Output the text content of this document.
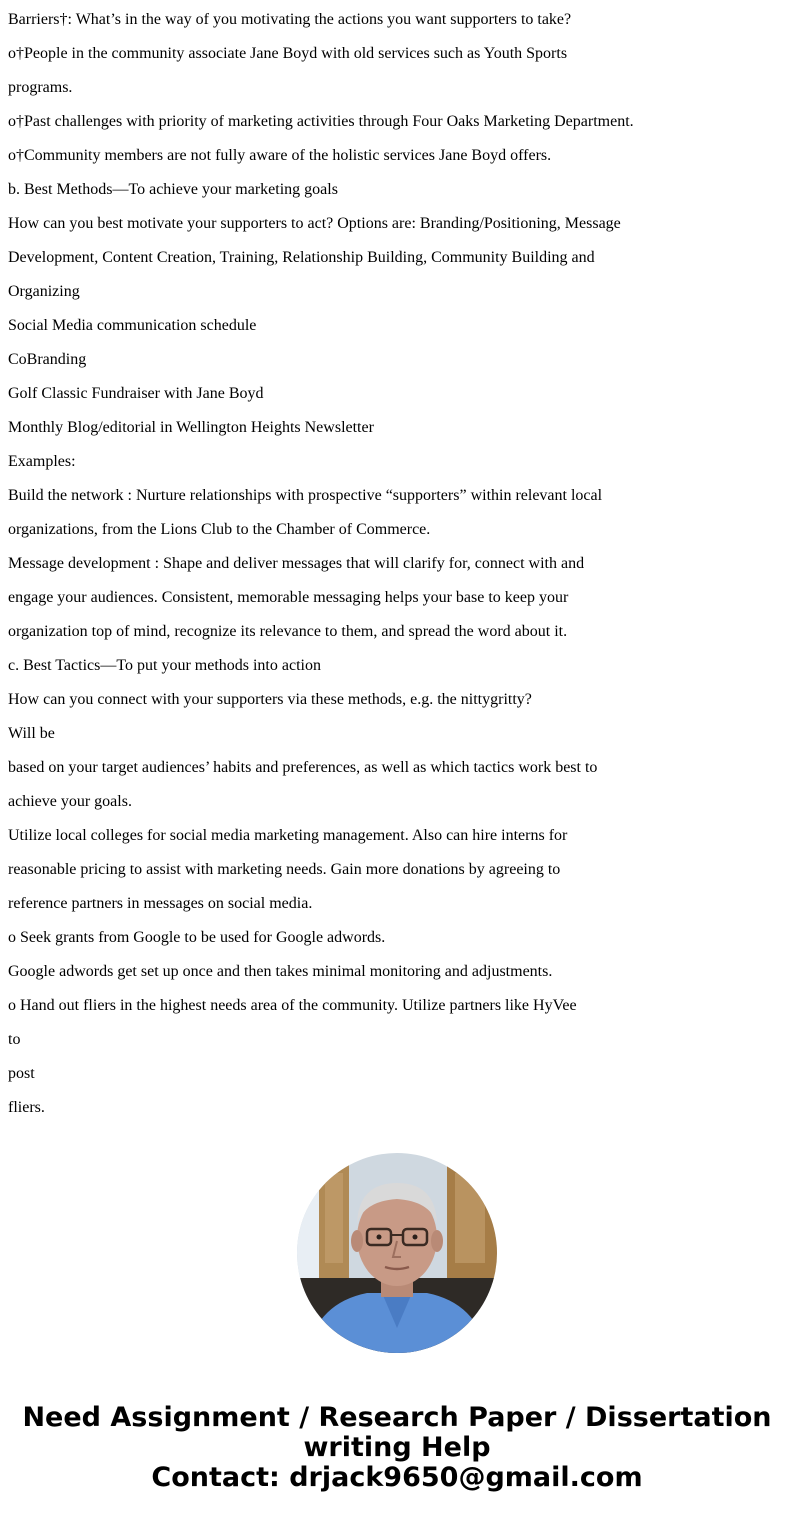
Barriers†: What’s in the way of you motivating the actions you want supporters to take?

o†People in the community associate Jane Boyd with old services such as Youth Sports

programs.

o†Past challenges with priority of marketing activities through Four Oaks Marketing Department.

o†Community members are not fully aware of the holistic services Jane Boyd offers.

b. Best Methods—To achieve your marketing goals

How can you best motivate your supporters to act? Options are: Branding/Positioning, Message

Development, Content Creation, Training, Relationship Building, Community Building and

Organizing

Social Media communication schedule

CoBranding

Golf Classic Fundraiser with Jane Boyd

Monthly Blog/editorial in Wellington Heights Newsletter

Examples:

Build the network : Nurture relationships with prospective “supporters” within relevant local

organizations, from the Lions Club to the Chamber of Commerce.

Message development : Shape and deliver messages that will clarify for, connect with and

engage your audiences. Consistent, memorable messaging helps your base to keep your

organization top of mind, recognize its relevance to them, and spread the word about it.

c. Best Tactics—To put your methods into action

How can you connect with your supporters via these methods, e.g. the nittygritty?

Will be

based on your target audiences’ habits and preferences, as well as which tactics work best to

achieve your goals.

Utilize local colleges for social media marketing management. Also can hire interns for

reasonable pricing to assist with marketing needs. Gain more donations by agreeing to

reference partners in messages on social media.

o Seek grants from Google to be used for Google adwords.

Google adwords get set up once and then takes minimal monitoring and adjustments.

o Hand out fliers in the highest needs area of the community. Utilize partners like HyVee

to

post

fliers.

Need Assignment / Research Paper / Dissertation
writing Help
Contact: drjack9650@gmail.com
